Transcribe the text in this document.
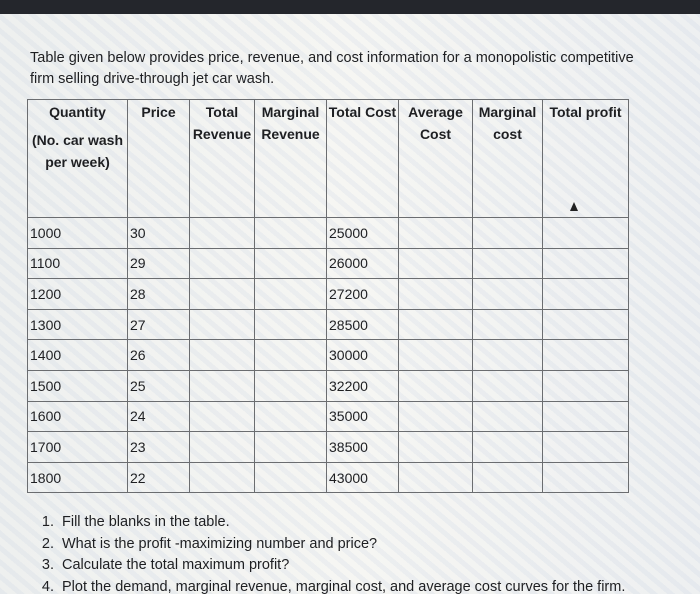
Table given below provides price, revenue, and cost information for a monopolistic competitive firm selling drive-through jet car wash.

Quantity
(No. car wash per week)	Price	Total Revenue	Marginal Revenue	Total Cost	Average Cost	Marginal cost	Total profit
1000	30			25000			
1100	29			26000			
1200	28			27200			
1300	27			28500			
1400	26			30000			
1500	25			32200			
1600	24			35000			
1700	23			38500			
1800	22			43000			
1. Fill the blanks in the table.
2. What is the profit -maximizing number and price?
3. Calculate the total maximum profit?
4. Plot the demand, marginal revenue, marginal cost, and average cost curves for the firm.
